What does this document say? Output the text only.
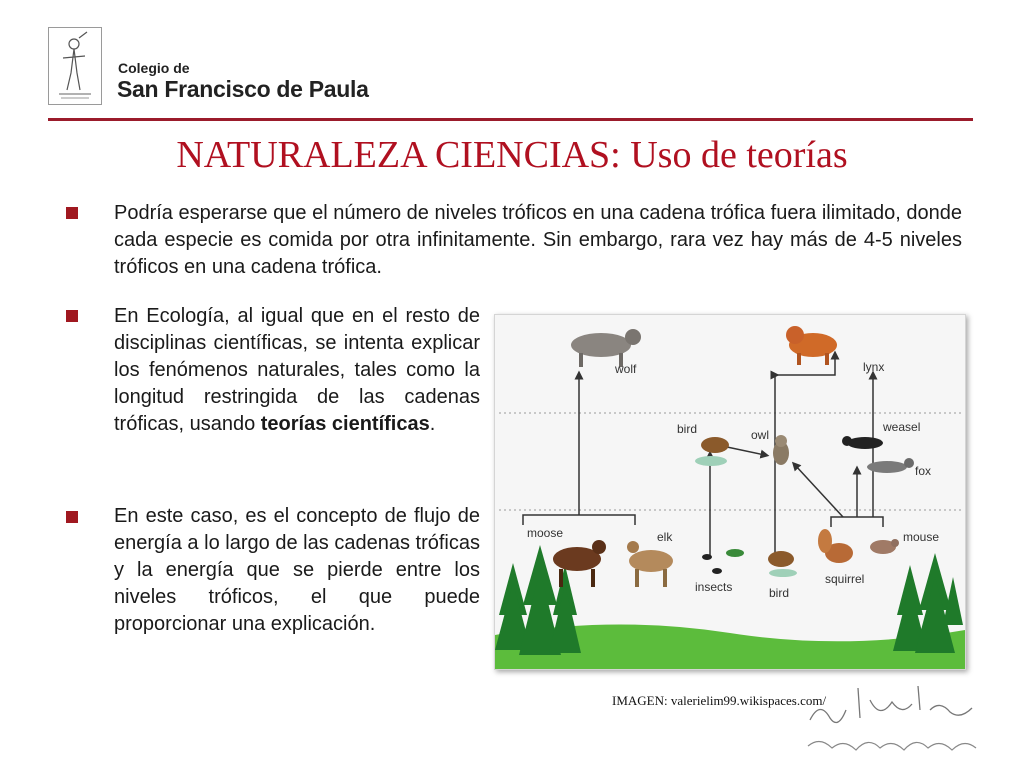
Colegio de
San Francisco de Paula
NATURALEZA CIENCIAS: Uso de teorías
Podría esperarse que el número de niveles tróficos en una cadena trófica fuera ilimitado, donde cada especie es comida por otra infinitamente. Sin embargo, rara vez hay más de 4-5 niveles tróficos en una cadena trófica.
En Ecología, al igual que en el resto de disciplinas científicas, se intenta explicar los fenómenos naturales, tales como la longitud restringida de las cadenas tróficas, usando teorías científicas.
En este caso, es el concepto de flujo de energía a lo largo de las cadenas tróficas y la energía que se pierde entre los niveles tróficos, el que puede proporcionar una explicación.
wolf	lynx
bird	owl
weasel
fox
moose	elk
insects	bird
squirrel
mouse
IMAGEN: valerielim99.wikispaces.com/
